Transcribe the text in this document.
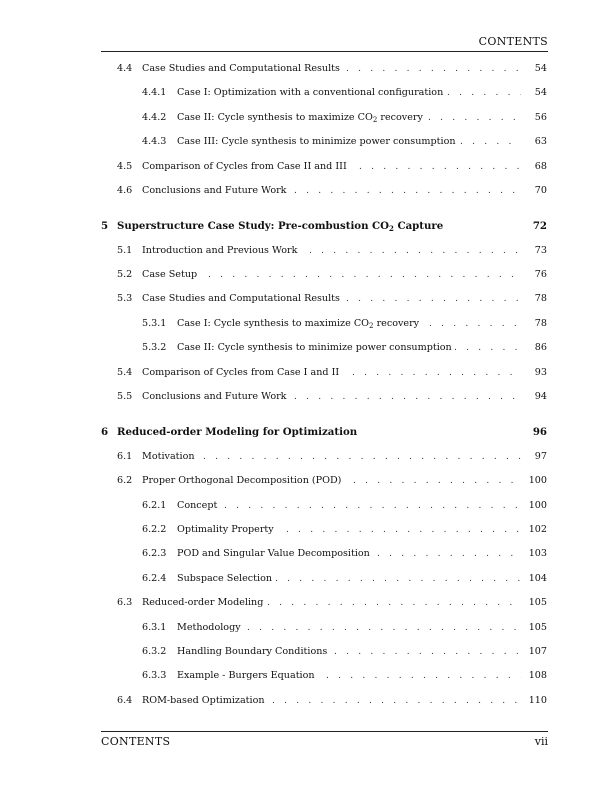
CONTENTS
4.4 Case Studies and Computational Results . . .	54
4.4.1 Case I: Optimization with a conventional configuration . . .	54
4.4.2 Case II: Cycle synthesis to maximize $CO_2$ recovery . . .	56
4.4.3 Case III: Cycle synthesis to minimize power consumption . . .	63
4.5 Comparison of Cycles from Case II and III . . .	68
4.6 Conclusions and Future Work . . .	70
5 Superstructure Case Study: Pre-combustion $CO_2$ Capture	72
5.1 Introduction and Previous Work . . .	73
5.2 Case Setup . . .	76
5.3 Case Studies and Computational Results . . .	78
5.3.1 Case I: Cycle synthesis to maximize $CO_2$ recovery . . .	78
5.3.2 Case II: Cycle synthesis to minimize power consumption . . .	86
5.4 Comparison of Cycles from Case I and II . . .	93
5.5 Conclusions and Future Work . . .	94
6 Reduced-order Modeling for Optimization	96
6.1 Motivation . . .	97
6.2 Proper Orthogonal Decomposition (POD) . . .	100
6.2.1 Concept . . .	100
6.2.2 Optimality Property . . .	102
6.2.3 POD and Singular Value Decomposition . . .	103
6.2.4 Subspace Selection . . .	104
6.3 Reduced-order Modeling . . .	105
6.3.1 Methodology . . .	105
6.3.2 Handling Boundary Conditions . . .	107
6.3.3 Example - Burgers Equation . . .	108
6.4 ROM-based Optimization . . .	110
CONTENTS	vii
